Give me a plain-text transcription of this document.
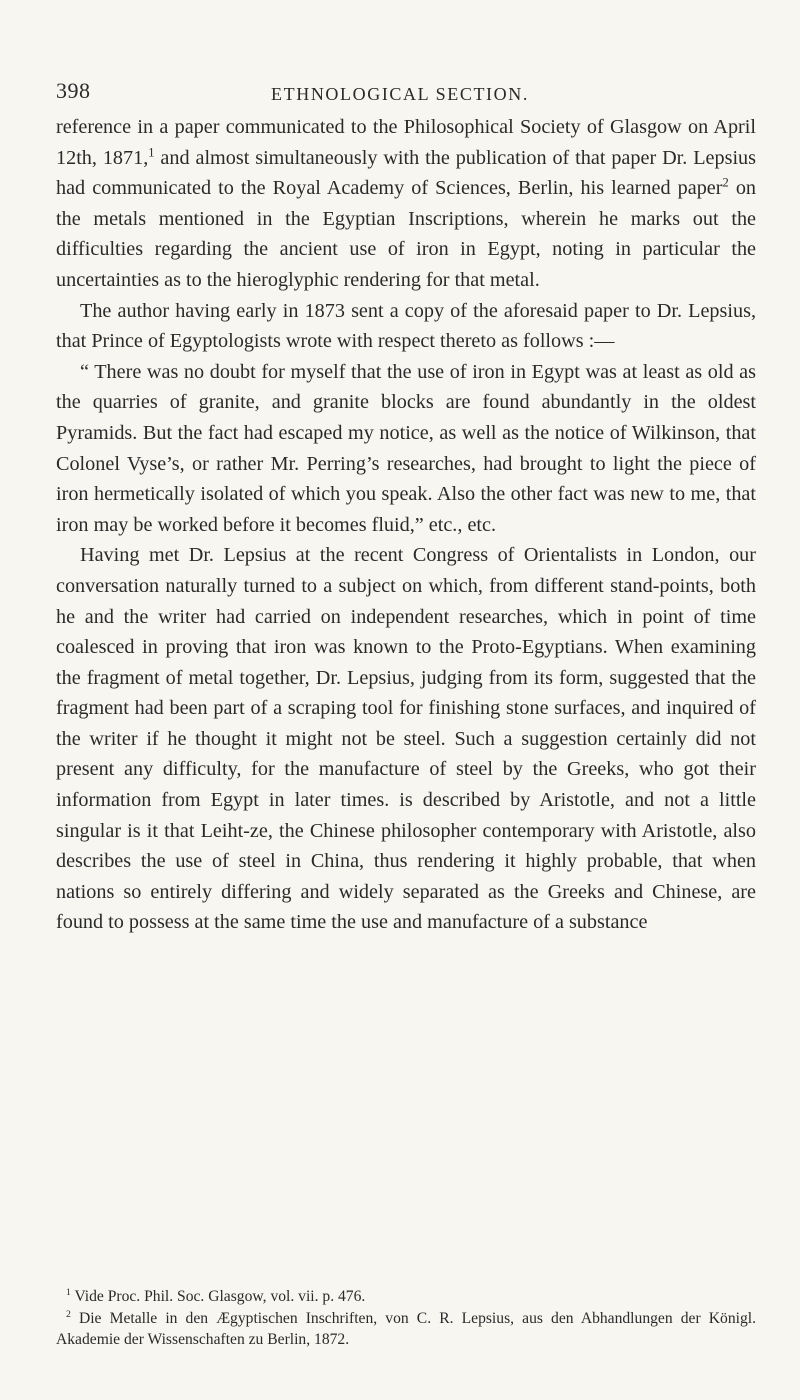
398	ETHNOLOGICAL SECTION.

reference in a paper communicated to the Philosophical Society of Glasgow on April 12th, 1871,$^1$ and almost simultaneously with the publication of that paper Dr. Lepsius had communicated to the Royal Academy of Sciences, Berlin, his learned paper$^2$ on the metals mentioned in the Egyptian Inscriptions, wherein he marks out the difficulties regarding the ancient use of iron in Egypt, noting in particular the uncertainties as to the hieroglyphic rendering for that metal.

The author having early in 1873 sent a copy of the aforesaid paper to Dr. Lepsius, that Prince of Egyptologists wrote with respect thereto as follows :—

“ There was no doubt for myself that the use of iron in Egypt was at least as old as the quarries of granite, and granite blocks are found abundantly in the oldest Pyramids. But the fact had escaped my notice, as well as the notice of Wilkinson, that Colonel Vyse’s, or rather Mr. Perring’s researches, had brought to light the piece of iron hermetically isolated of which you speak. Also the other fact was new to me, that iron may be worked before it becomes fluid,” etc., etc.

Having met Dr. Lepsius at the recent Congress of Orientalists in London, our conversation naturally turned to a subject on which, from different stand-points, both he and the writer had carried on independent researches, which in point of time coalesced in proving that iron was known to the Proto-Egyptians. When examining the fragment of metal together, Dr. Lepsius, judging from its form, suggested that the fragment had been part of a scraping tool for finishing stone surfaces, and inquired of the writer if he thought it might not be steel. Such a suggestion certainly did not present any difficulty, for the manufacture of steel by the Greeks, who got their information from Egypt in later times. is described by Aristotle, and not a little singular is it that Leiht-ze, the Chinese philosopher contemporary with Aristotle, also describes the use of steel in China, thus rendering it highly probable, that when nations so entirely differing and widely separated as the Greeks and Chinese, are found to possess at the same time the use and manufacture of a substance

$^1$ Vide Proc. Phil. Soc. Glasgow, vol. vii. p. 476.

$^2$ Die Metalle in den Ægyptischen Inschriften, von C. R. Lepsius, aus den Abhandlungen der Königl. Akademie der Wissenschaften zu Berlin, 1872.
